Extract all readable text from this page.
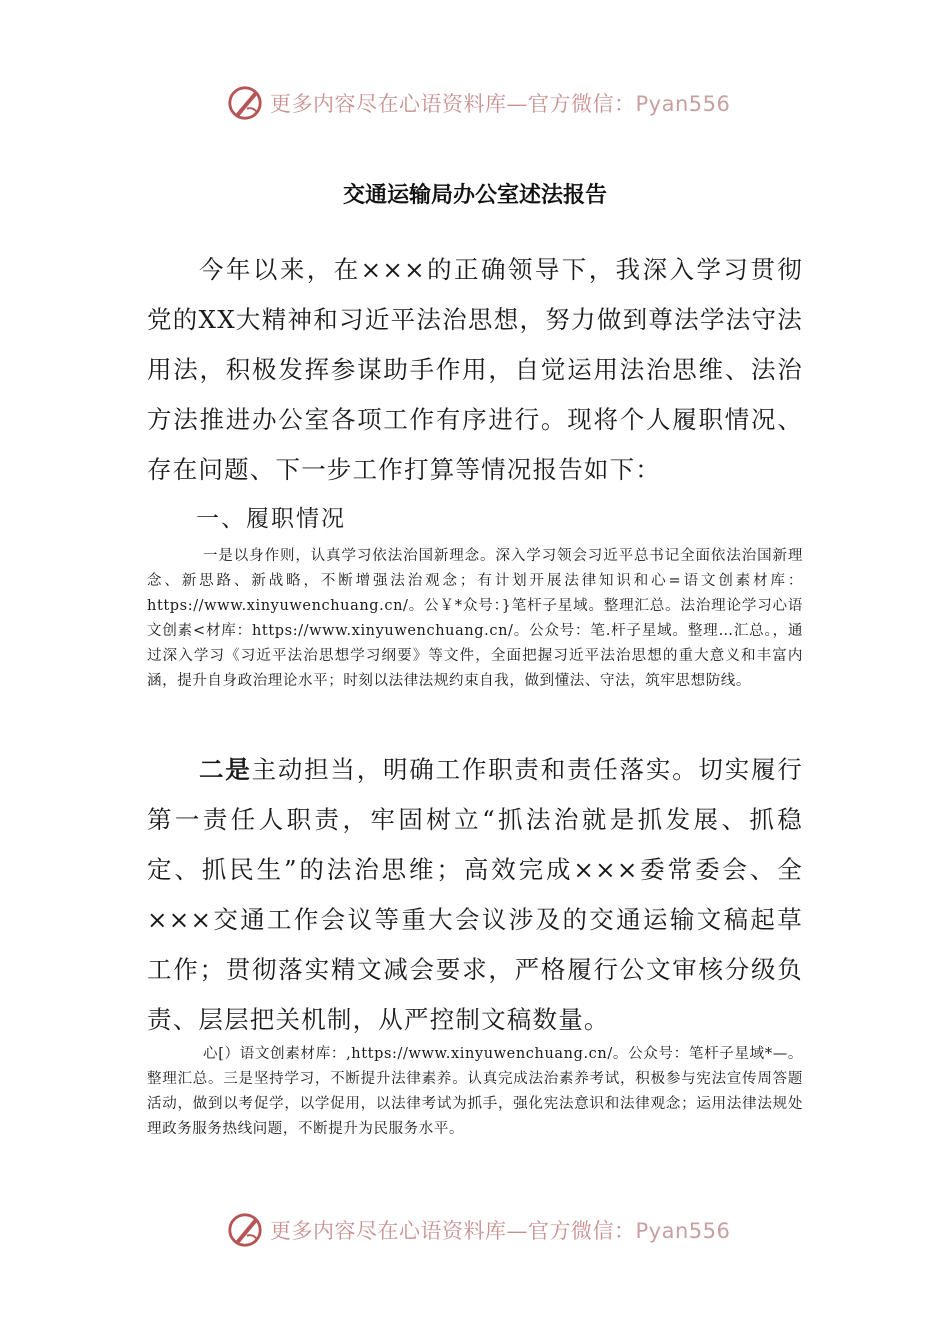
更多内容尽在心语资料库—官方微信：Pyan556
交通运输局办公室述法报告

今年以来，在×××的正确领导下，我深入学习贯彻党的XX大精神和习近平法治思想，努力做到尊法学法守法用法，积极发挥参谋助手作用，自觉运用法治思维、法治方法推进办公室各项工作有序进行。现将个人履职情况、存在问题、下一步工作打算等情况报告如下：

一、履职情况

一是以身作则，认真学习依法治国新理念。深入学习领会习近平总书记全面依法治国新理念、新思路、新战略，不断增强法治观念；有计划开展法律知识和心=语文创素材库：https://www.xinyuwenchuang.cn/。公￥*众号：}笔杆子星域。整理汇总。法治理论学习心语文创素<材库：https://www.xinyuwenchuang.cn/。公众号：笔.杆子星域。整理…汇总。，通过深入学习《习近平法治思想学习纲要》等文件，全面把握习近平法治思想的重大意义和丰富内涵，提升自身政治理论水平；时刻以法律法规约束自我，做到懂法、守法，筑牢思想防线。

二是主动担当，明确工作职责和责任落实。切实履行第一责任人职责，牢固树立“抓法治就是抓发展、抓稳定、抓民生”的法治思维；高效完成×××委常委会、全×××交通工作会议等重大会议涉及的交通运输文稿起草工作；贯彻落实精文减会要求，严格履行公文审核分级负责、层层把关机制，从严控制文稿数量。

心[）语文创素材库：,https://www.xinyuwenchuang.cn/。公众号：笔杆子星域*—。整理汇总。三是坚持学习，不断提升法律素养。认真完成法治素养考试，积极参与宪法宣传周答题活动，做到以考促学，以学促用，以法律考试为抓手，强化宪法意识和法律观念；运用法律法规处理政务服务热线问题，不断提升为民服务水平。

更多内容尽在心语资料库—官方微信：Pyan556
